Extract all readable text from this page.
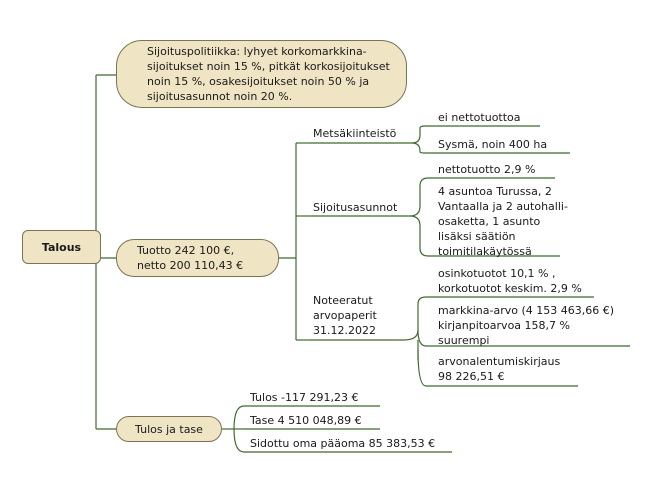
Talous
Sijoituspolitiikka: lyhyet korkomarkkina-
sijoitukset noin 15 %, pitkät korkosijoitukset
noin 15 %, osakesijoitukset noin 50 % ja
sijoitusasunnot noin 20 %.
Tuotto 242 100 €,
netto 200 110,43 €
Tulos ja tase
Metsäkiinteistö
Sijoitusasunnot
Noteeratut
arvopaperit
31.12.2022
ei nettotuottoa
Sysmä, noin 400 ha
nettotuotto 2,9 %
4 asuntoa Turussa, 2
Vantaalla ja 2 autohalli-
osaketta, 1 asunto
lisäksi säätiön
toimitilakäytössä
osinkotuotot 10,1 % ,
korkotuotot keskim. 2,9 %
markkina-arvo (4 153 463,66 €)
kirjanpitoarvoa 158,7 %
suurempi
arvonalentumiskirjaus
98 226,51 €
Tulos -117 291,23 €
Tase 4 510 048,89 €
Sidottu oma pääoma 85 383,53 €
